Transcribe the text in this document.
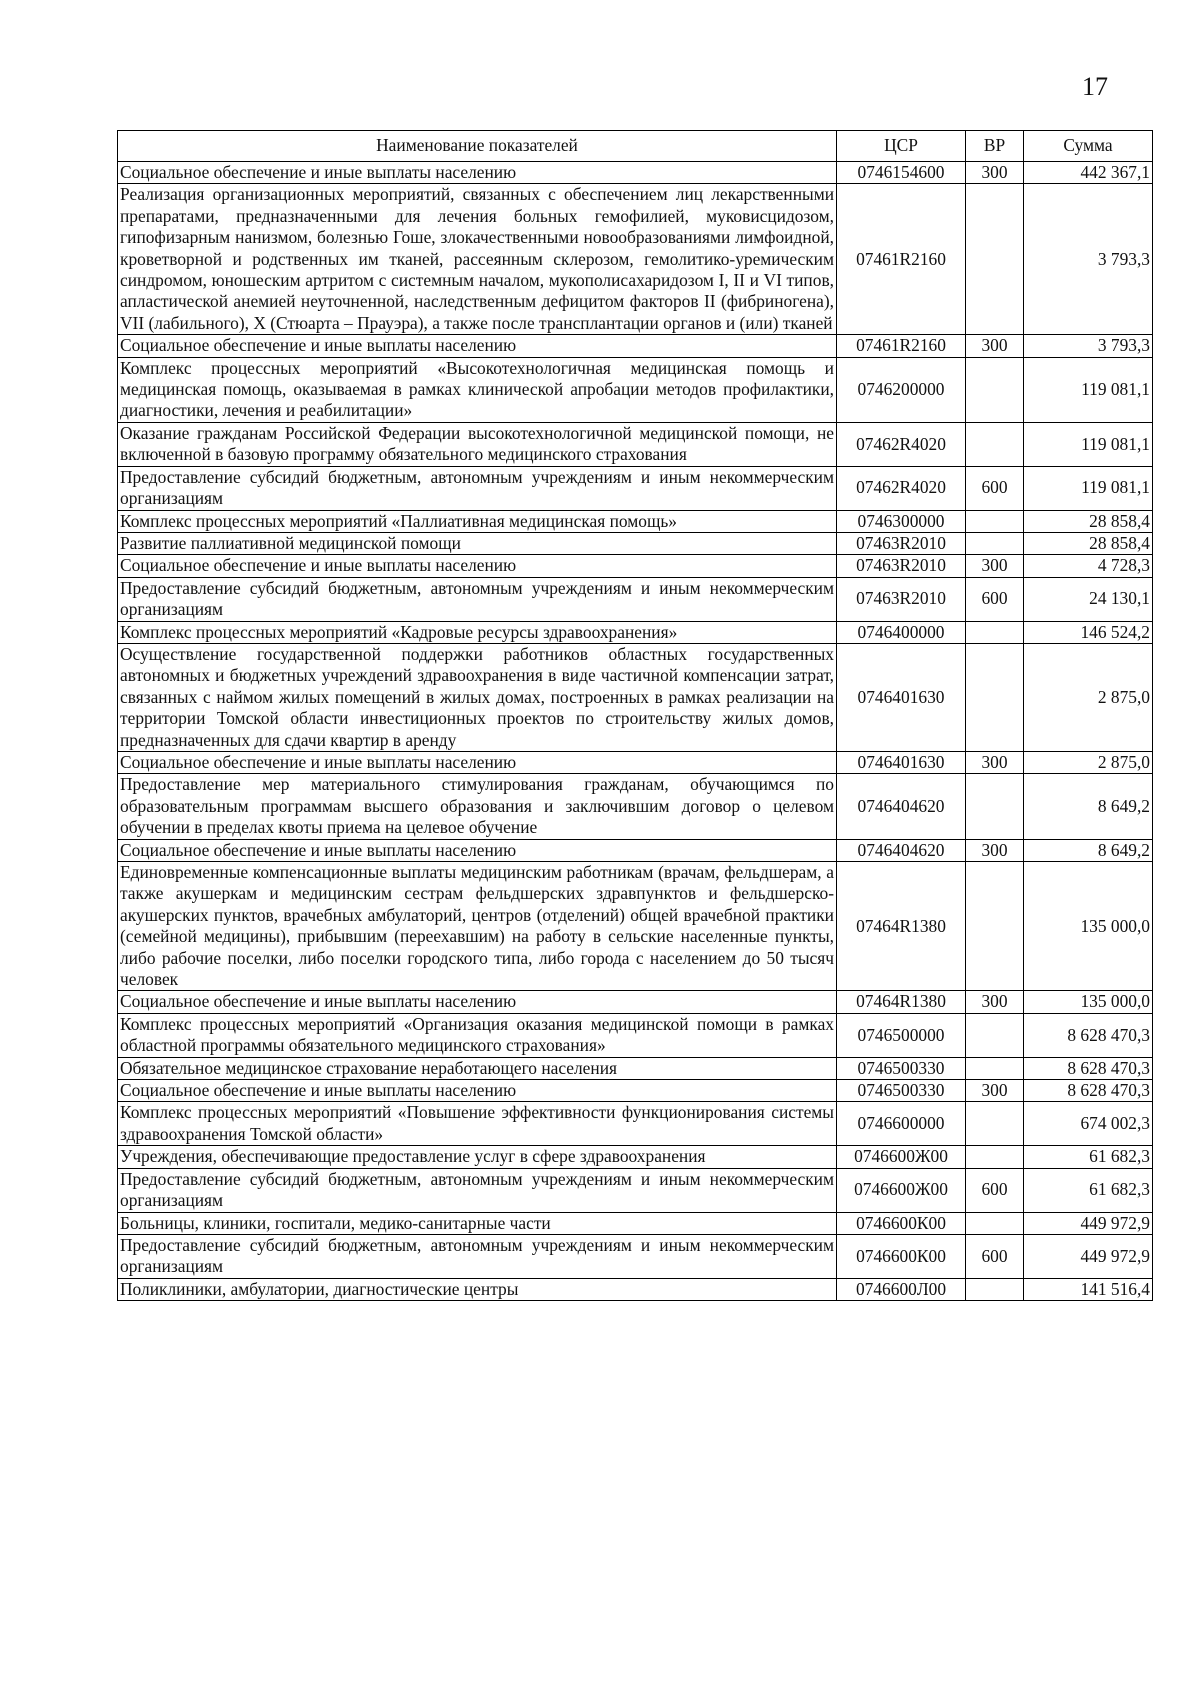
17
Наименование показателей	ЦСР	ВР	Сумма
Социальное обеспечение и иные выплаты населению	0746154600	300	442 367,1
Реализация организационных мероприятий, связанных с обеспечением лиц лекарственными препаратами, предназначенными для лечения больных гемофилией, муковисцидозом, гипофизарным нанизмом, болезнью Гоше, злокачественными новообразованиями лимфоидной, кроветворной и родственных им тканей, рассеянным склерозом, гемолитико-уремическим синдромом, юношеским артритом с системным началом, мукополисахаридозом I, II и VI типов, апластической анемией неуточненной, наследственным дефицитом факторов II (фибриногена), VII (лабильного), X (Стюарта – Прауэра), а также после трансплантации органов и (или) тканей	07461R2160		3 793,3
Социальное обеспечение и иные выплаты населению	07461R2160	300	3 793,3
Комплекс процессных мероприятий «Высокотехнологичная медицинская помощь и медицинская помощь, оказываемая в рамках клинической апробации методов профилактики, диагностики, лечения и реабилитации»	0746200000		119 081,1
Оказание гражданам Российской Федерации высокотехнологичной медицинской помощи, не включенной в базовую программу обязательного медицинского страхования	07462R4020		119 081,1
Предоставление субсидий бюджетным, автономным учреждениям и иным некоммерческим организациям	07462R4020	600	119 081,1
Комплекс процессных мероприятий «Паллиативная медицинская помощь»	0746300000		28 858,4
Развитие паллиативной медицинской помощи	07463R2010		28 858,4
Социальное обеспечение и иные выплаты населению	07463R2010	300	4 728,3
Предоставление субсидий бюджетным, автономным учреждениям и иным некоммерческим организациям	07463R2010	600	24 130,1
Комплекс процессных мероприятий «Кадровые ресурсы здравоохранения»	0746400000		146 524,2
Осуществление государственной поддержки работников областных государственных автономных и бюджетных учреждений здравоохранения в виде частичной компенсации затрат, связанных с наймом жилых помещений в жилых домах, построенных в рамках реализации на территории Томской области инвестиционных проектов по строительству жилых домов, предназначенных для сдачи квартир в аренду	0746401630		2 875,0
Социальное обеспечение и иные выплаты населению	0746401630	300	2 875,0
Предоставление мер материального стимулирования гражданам, обучающимся по образовательным программам высшего образования и заключившим договор о целевом обучении в пределах квоты приема на целевое обучение	0746404620		8 649,2
Социальное обеспечение и иные выплаты населению	0746404620	300	8 649,2
Единовременные компенсационные выплаты медицинским работникам (врачам, фельдшерам, а также акушеркам и медицинским сестрам фельдшерских здравпунктов и фельдшерско-акушерских пунктов, врачебных амбулаторий, центров (отделений) общей врачебной практики (семейной медицины), прибывшим (переехавшим) на работу в сельские населенные пункты, либо рабочие поселки, либо поселки городского типа, либо города с населением до 50 тысяч человек	07464R1380		135 000,0
Социальное обеспечение и иные выплаты населению	07464R1380	300	135 000,0
Комплекс процессных мероприятий «Организация оказания медицинской помощи в рамках областной программы обязательного медицинского страхования»	0746500000		8 628 470,3
Обязательное медицинское страхование неработающего населения	0746500330		8 628 470,3
Социальное обеспечение и иные выплаты населению	0746500330	300	8 628 470,3
Комплекс процессных мероприятий «Повышение эффективности функционирования системы здравоохранения Томской области»	0746600000		674 002,3
Учреждения, обеспечивающие предоставление услуг в сфере здравоохранения	0746600Ж00		61 682,3
Предоставление субсидий бюджетным, автономным учреждениям и иным некоммерческим организациям	0746600Ж00	600	61 682,3
Больницы, клиники, госпитали, медико-санитарные части	0746600К00		449 972,9
Предоставление субсидий бюджетным, автономным учреждениям и иным некоммерческим организациям	0746600К00	600	449 972,9
Поликлиники, амбулатории, диагностические центры	0746600Л00		141 516,4
